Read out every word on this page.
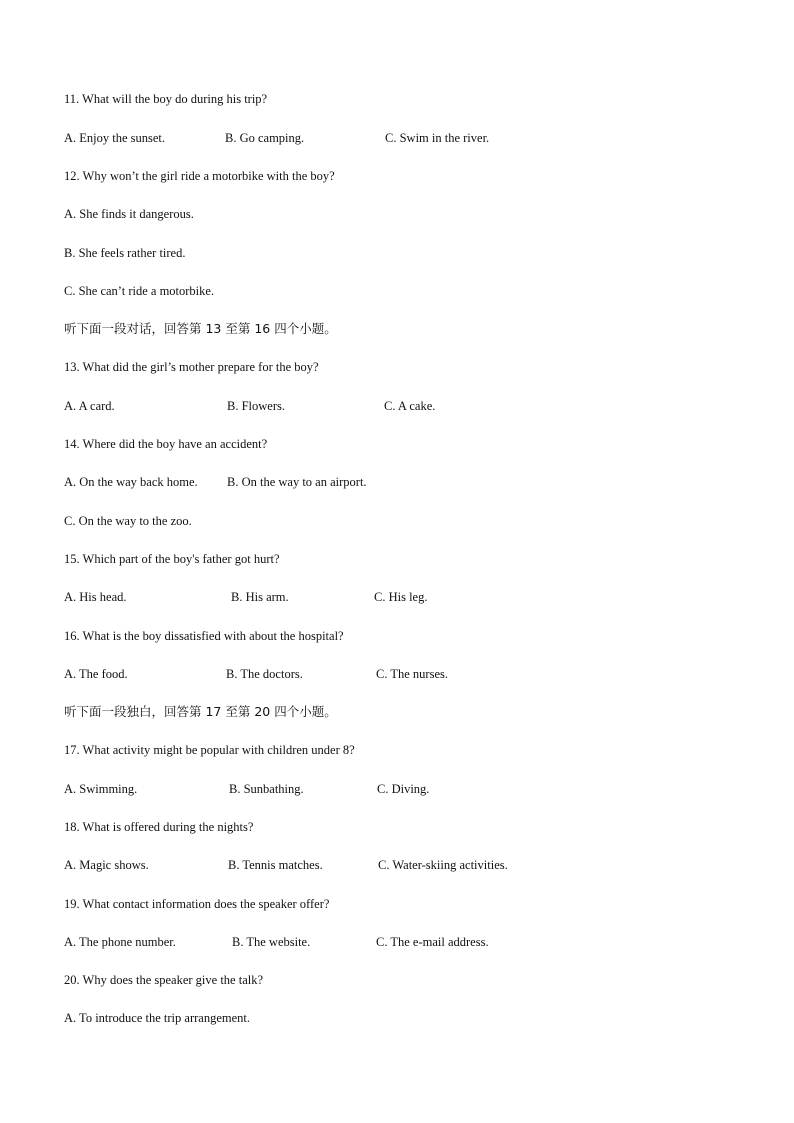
11. What will the boy do during his trip?
A. Enjoy the sunset.	B. Go camping.	C. Swim in the river.
12. Why won’t the girl ride a motorbike with the boy?
A. She finds it dangerous.
B. She feels rather tired.
C. She can’t ride a motorbike.
听下面一段对话，回答第 13 至第 16 四个小题。
13. What did the girl’s mother prepare for the boy?
A. A card.	B. Flowers.	C. A cake.
14. Where did the boy have an accident?
A. On the way back home. B. On the way to an airport.
C. On the way to the zoo.
15. Which part of the boy's father got hurt?
A. His head.	B. His arm.	C. His leg.
16. What is the boy dissatisfied with about the hospital?
A. The food.	B. The doctors.	C. The nurses.
听下面一段独白，回答第 17 至第 20 四个小题。
17. What activity might be popular with children under 8?
A. Swimming.	B. Sunbathing.	C. Diving.
18. What is offered during the nights?
A. Magic shows.	B. Tennis matches.	C. Water-skiing activities.
19. What contact information does the speaker offer?
A. The phone number.	B. The website.	C. The e-mail address.
20. Why does the speaker give the talk?
A. To introduce the trip arrangement.
